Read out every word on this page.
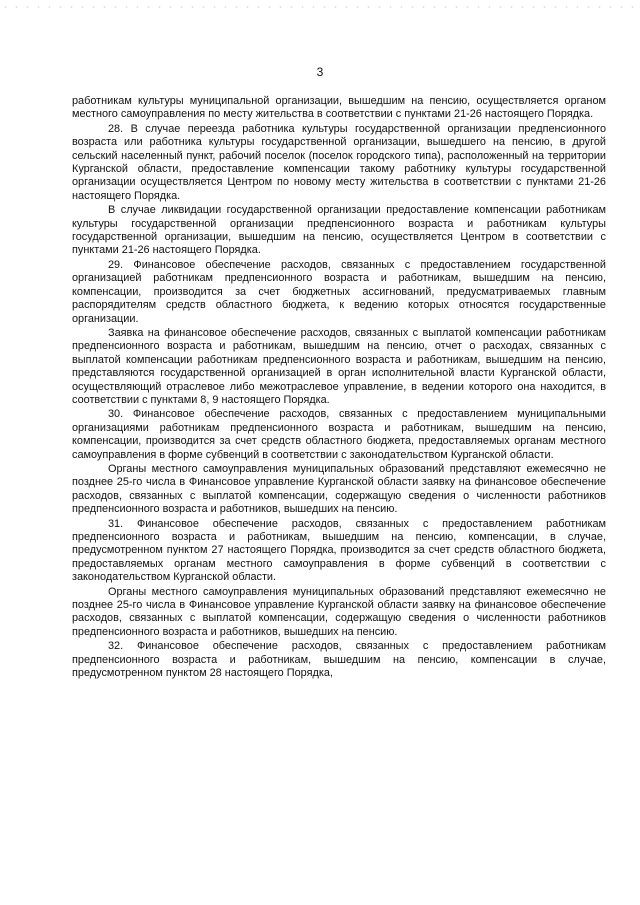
3

работникам культуры муниципальной организации, вышедшим на пенсию, осуществляется органом местного самоуправления по месту жительства в соответствии с пунктами 21-26 настоящего Порядка.

28. В случае переезда работника культуры государственной организации предпенсионного возраста или работника культуры государственной организации, вышедшего на пенсию, в другой сельский населенный пункт, рабочий поселок (поселок городского типа), расположенный на территории Курганской области, предоставление компенсации такому работнику культуры государственной организации осуществляется Центром по новому месту жительства в соответствии с пунктами 21-26 настоящего Порядка.

В случае ликвидации государственной организации предоставление компенсации работникам культуры государственной организации предпенсионного возраста и работникам культуры государственной организации, вышедшим на пенсию, осуществляется Центром в соответствии с пунктами 21-26 настоящего Порядка.

29. Финансовое обеспечение расходов, связанных с предоставлением государственной организацией работникам предпенсионного возраста и работникам, вышедшим на пенсию, компенсации, производится за счет бюджетных ассигнований, предусматриваемых главным распорядителям средств областного бюджета, к ведению которых относятся государственные организации.

Заявка на финансовое обеспечение расходов, связанных с выплатой компенсации работникам предпенсионного возраста и работникам, вышедшим на пенсию, отчет о расходах, связанных с выплатой компенсации работникам предпенсионного возраста и работникам, вышедшим на пенсию, представляются государственной организацией в орган исполнительной власти Курганской области, осуществляющий отраслевое либо межотраслевое управление, в ведении которого она находится, в соответствии с пунктами 8, 9 настоящего Порядка.

30. Финансовое обеспечение расходов, связанных с предоставлением муниципальными организациями работникам предпенсионного возраста и работникам, вышедшим на пенсию, компенсации, производится за счет средств областного бюджета, предоставляемых органам местного самоуправления в форме субвенций в соответствии с законодательством Курганской области.

Органы местного самоуправления муниципальных образований представляют ежемесячно не позднее 25-го числа в Финансовое управление Курганской области заявку на финансовое обеспечение расходов, связанных с выплатой компенсации, содержащую сведения о численности работников предпенсионного возраста и работников, вышедших на пенсию.

31. Финансовое обеспечение расходов, связанных с предоставлением работникам предпенсионного возраста и работникам, вышедшим на пенсию, компенсации, в случае, предусмотренном пунктом 27 настоящего Порядка, производится за счет средств областного бюджета, предоставляемых органам местного самоуправления в форме субвенций в соответствии с законодательством Курганской области.

Органы местного самоуправления муниципальных образований представляют ежемесячно не позднее 25-го числа в Финансовое управление Курганской области заявку на финансовое обеспечение расходов, связанных с выплатой компенсации, содержащую сведения о численности работников предпенсионного возраста и работников, вышедших на пенсию.

32. Финансовое обеспечение расходов, связанных с предоставлением работникам предпенсионного возраста и работникам, вышедшим на пенсию, компенсации в случае, предусмотренном пунктом 28 настоящего Порядка,
